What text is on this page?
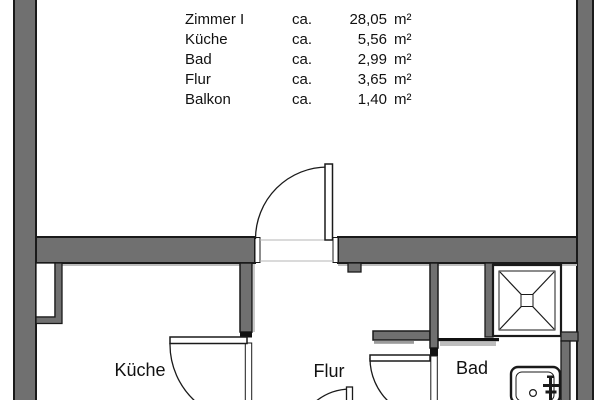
Zimmer I	ca.	28,05 m²
Küche	ca.	5,56 m²
Bad	ca.	2,99 m²
Flur	ca.	3,65 m²
Balkon	ca.	1,40 m²
Küche	Flur	Bad
